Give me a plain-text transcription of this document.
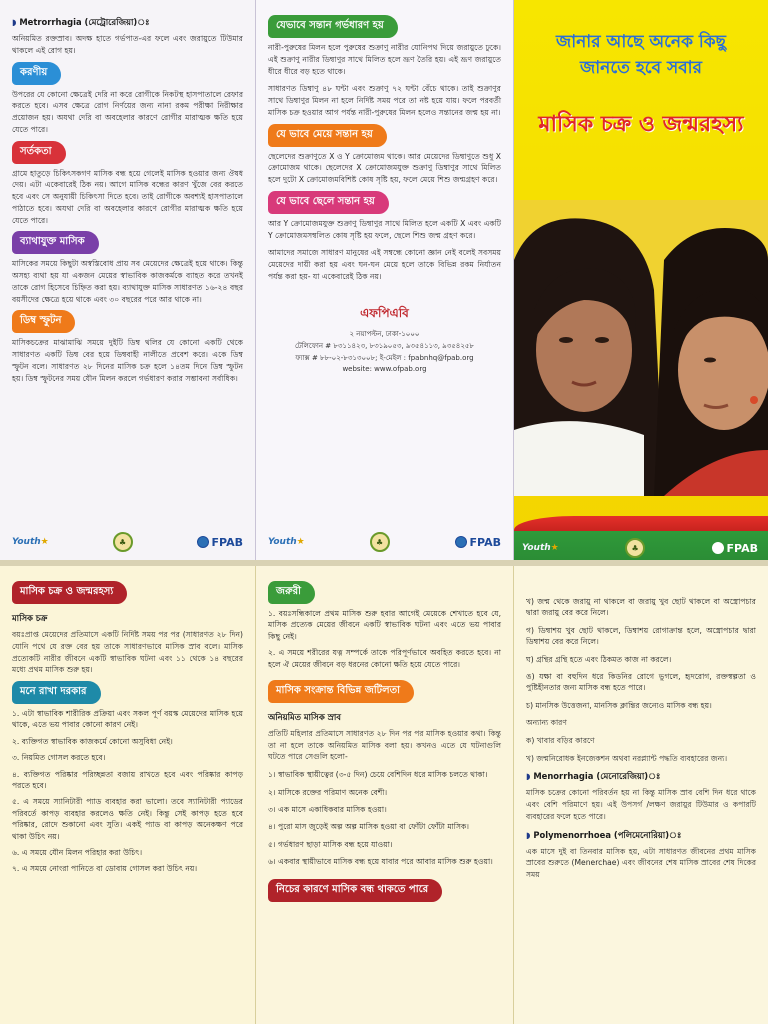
◗ Metrorrhagia (মেট্রোরেজিয়া)ঃ

অনিয়মিত রক্তস্রাব। অদক্ষ হাতে গর্ভপাত-এর ফলে এবং জরায়ুতে টিউমার থাকলে এই রোগ হয়।

করণীয়

উপরের যে কোনো ক্ষেত্রেই দেরি না করে রোগীকে নিকটস্থ হাসপাতালে রেফার করতে হবে। এসব ক্ষেত্রে রোগ নির্ণয়ের জন্য নানা রকম পরীক্ষা নিরীক্ষার প্রয়োজন হয়। অযথা দেরি বা অবহেলার কারণে রোগীর মারাত্মক ক্ষতি হয়ে যেতে পারে।

সর্তকতা

গ্রামে হাতুড়ে চিকিৎসকগণ মাসিক বন্ধ হয়ে গেলেই মাসিক হওয়ার জন্য ঔষধ দেয়। এটা একেবারেই ঠিক নয়। আগে মাসিক বন্ধের কারণ খুঁজে বের করতে হবে এবং সে অনুযায়ী চিকিৎসা দিতে হবে। তাই রোগীকে অবশ্যই হাসপাতালে পাঠাতে হবে। অযথা দেরি বা অবহেলার কারণে রোগীর মারাত্মক ক্ষতি হয়ে যেতে পারে।

ব্যাথাযুক্ত মাসিক

মাসিকের সময়ে কিছুটা অস্বস্তিবোধ প্রায় সব মেয়েদের ক্ষেত্রেই হয়ে থাকে। কিন্তু অসহ্য ব্যথা হয় যা একজন মেয়ের স্বাভাবিক কাজকর্মকে ব্যাহত করে তখনই তাকে রোগ হিসেবে চিহ্নিত করা হয়। ব্যাথাযুক্ত মাসিক সাধারণত ১৬-২৪ বছর বয়সীদের ক্ষেত্রে হয়ে থাকে এবং ৩০ বছরের পরে আর থাকে না।

ডিম্ব স্ফুটন

মাসিকচক্রের মাঝামাঝি সময়ে দুইটি ডিম্ব থলির যে কোনো একটি থেকে সাধারণত একটি ডিম্ব বের হয়ে ডিম্ববাহী নালীতে প্রবেশ করে। একে ডিম্ব স্ফুটন বলে। সাধারণত ২৮ দিনের মাসিক চক্র হলে ১৪তম দিনে ডিম্ব স্ফুটন হয়। ডিম্ব স্ফুটনের সময় যৌন মিলন করলে গর্ভধারণ করার সম্ভাবনা সর্বাধিক।

Youth★	♣	FPAB
যেভাবে সন্তান গর্ভধারণ হয়

নারী-পুরুষের মিলন হলে পুরুষের শুক্রাণু নারীর যোনিপথ দিয়ে জরায়ুতে ঢুকে। এই শুক্রাণু নারীর ডিম্বাণুর সাথে মিলিত হলে ভ্রূণ তৈরি হয়। এই ভ্রূণ জরায়ুতে ধীরে ধীরে বড় হতে থাকে।

সাধারণত ডিম্বাণু ৪৮ ঘন্টা এবং শুক্রাণু ৭২ ঘন্টা বেঁচে থাকে। তাই শুক্রাণুর সাথে ডিম্বাণুর মিলন না হলে নির্দিষ্ট সময় পরে তা নষ্ট হয়ে যায়। ফলে পরবর্তী মাসিক চক্র হওয়ার আগ পর্যন্ত নারী-পুরুষের মিলন হলেও সন্তানের জন্ম হয় না।

যে ভাবে মেয়ে সন্তান হয়

ছেলেদের শুক্রাণুতে X ও Y ক্রোমোজম থাকে। আর মেয়েদের ডিম্বাণুতে শুধু X ক্রোমোজম থাকে। ছেলেদের X ক্রোমোজমযুক্ত শুক্রাণু ডিম্বাণুর সাথে মিলিত হলে দুটো X ক্রোমোজমবিশিষ্ট কোষ সৃষ্টি হয়, ফলে মেয়ে শিশু জন্মগ্রহণ করে।

যে ভাবে ছেলে সন্তান হয়

আর Y ক্রোমোজমযুক্ত শুক্রাণু ডিম্বাণুর সাথে মিলিত হলে একটি X এবং একটি Y ক্রোমোজমসম্বলিত কোষ সৃষ্টি হয় ফলে, ছেলে শিশু জন্ম গ্রহণ করে।

আমাদের সমাজে সাধারণ মানুষের এই সম্বন্ধে কোনো জ্ঞান নেই বলেই সবসময় মেয়েদের দায়ী করা হয় এবং ঘন-ঘন মেয়ে হলে তাকে বিভিন্ন রকম নির্যাতন পর্যন্ত করা হয়- যা একেবারেই ঠিক নয়।

এফপিএবি
২ নয়াপল্টন, ঢাকা-১০০০
টেলিফোন # ৮৩১১৪২৩, ৮৩১৯০৫৩, ৯৩৫৪১১৩, ৯৩৫৪২৫৮
ফ্যাক্স # ৮৮-০২-৮৩১৩০০৮; ই-মেইল : fpabnhq@fpab.org
website: www.ofpab.org
Youth★	♣	FPAB
জানার আছে অনেক কিছু
জানতে হবে সবার
মাসিক চক্র ও জন্মরহস্য
Youth★	♣	FPAB
মাসিক চক্র ও জন্মরহস্য
মাসিক চক্র

বয়ঃপ্রাপ্ত মেয়েদের প্রতিমাসে একটি নির্দিষ্ট সময় পর পর (সাধারণত ২৮ দিন) যোনি পথে যে রক্ত বের হয় তাকে সাধারণভাবে মাসিক স্রাব বলে। মাসিক প্রত্যেকটি নারীর জীবনে একটি স্বাভাবিক ঘটনা এবং ১১ থেকে ১৪ বছরের মধ্যে প্রথম মাসিক শুরু হয়।

মনে রাখা দরকার
১. এটা স্বাভাবিক শারীরিক প্রক্রিয়া এবং সকল পূর্ণ বয়স্ক মেয়েদের মাসিক হয়ে থাকে, এতে ভয় পাবার কোনো কারণ নেই।
২. ব্যক্তিগত স্বাভাবিক কাজকর্মে কোনো অসুবিধা নেই।
৩. নিয়মিত গোসল করতে হবে।
৪. ব্যক্তিগত পরিষ্কার পরিচ্ছন্নতা বজায় রাখতে হবে এবং পরিষ্কার কাপড় পরতে হবে।
৫. এ সময়ে স্যানিটারী প্যাড ব্যবহার করা ভালো। তবে স্যানিটারী প্যাডের পরিবর্তে কাপড় ব্যবহার করলেও ক্ষতি নেই। কিন্তু সেই কাপড় হতে হবে পরিষ্কার, রোদে শুকানো এবং সুতি। একই প্যাড বা কাপড় অনেকক্ষণ পরে থাকা উচিৎ নয়।
৬. এ সময়ে যৌন মিলন পরিহার করা উচিৎ।
৭. এ সময়ে নোংরা পানিতে বা ডোবায় গোসল করা উচিৎ নয়।
জরুরী
১. বয়ঃসন্ধিকালে প্রথম মাসিক শুরু হবার আগেই মেয়েকে শেখাতে হবে যে, মাসিক প্রত্যেক মেয়ের জীবনে একটি স্বাভাবিক ঘটনা এবং এতে ভয় পাবার কিছু নেই।
২. এ সময়ে শরীরের যত্ন সম্পর্কে তাকে পরিপূর্ণভাবে অবহিত করতে হবে। না হলে ঐ মেয়ের জীবনে বড় ধরনের কোনো ক্ষতি হয়ে যেতে পারে।
মাসিক সংক্রান্ত বিভিন্ন জটিলতা
অনিয়মিত মাসিক স্রাব

প্রতিটি মহিলার প্রতিমাসে সাধারণত ২৮ দিন পর পর মাসিক হওয়ার কথা। কিন্তু তা না হলে তাকে অনিয়মিত মাসিক বলা হয়। কখনও এতে যে ঘটনাগুলি ঘটতে পারে সেগুলি হলো-

১। স্বাভাবিক স্থায়ীত্বের (৩-৫ দিন) চেয়ে বেশিদিন ধরে মাসিক চলতে থাকা।
২। মাসিকে রক্তের পরিমাণ অনেক বেশী।
৩। এক মাসে একাধিকবার মাসিক হওয়া।
৪। পুরো মাস জুড়েই অল্প অল্প মাসিক হওয়া বা ফোঁটা ফোঁটা মাসিক।
৫। গর্ভধারণ ছাড়া মাসিক বন্ধ হয়ে যাওয়া।
৬। একবার স্থায়ীভাবে মাসিক বন্ধ হয়ে যাবার পরে আবার মাসিক শুরু হওয়া।
নিচের কারণে মাসিক বন্ধ থাকতে পারে
খ) জন্ম থেকে জরায়ু না থাকলে বা জরায়ু খুব ছোট থাকলে বা অস্ত্রোপচার দ্বারা জরায়ু বের করে নিলে।
গ) ডিম্বাশয় খুব ছোট থাকলে, ডিম্বাশয় রোগাক্রান্ত হলে, অস্ত্রোপচার দ্বারা ডিম্বাশয় বের করে নিলে।
ঘ) গ্রন্থির গ্রন্থি হতে এবং ঠিকমত কাজ না করলে।
ঙ) যক্ষা বা বহুদিন ধরে কিডনির রোগে ভুগলে, হৃদরোগ, রক্তস্বল্পতা ও পুষ্টিহীনতার জন্য মাসিক বন্ধ হতে পারে।
চ) মানসিক উত্তেজনা, মানসিক ক্লান্তির জন্যেও মাসিক বন্ধ হয়।

অন্যান্য কারণ

ক) খাবার বড়ির কারণে

খ) জন্মনিরোধক ইনজেকশন অথবা নরপ্ল্যান্ট পদ্ধতি ব্যবহারের জন্য।

◗ Menorrhagia (মেনোরেজিয়া)ঃ

মাসিক চক্রের কোনো পরিবর্তন হয় না কিন্তু মাসিক স্রাব বেশি দিন ধরে থাকে এবং বেশি পরিমাণে হয়। এই উপসর্গ /লক্ষণ জরায়ুর টিউমার ও কপারটি ব্যবহারের ফলে হতে পারে।

◗ Polymenorrhoea (পলিমেনোরিয়া)ঃ

এক মাসে দুই বা তিনবার মাসিক হয়, এটা সাধারণত জীবনের প্রথম মাসিক স্রাবের শুরুতে (Menerchae) এবং জীবনের শেষ মাসিক স্রাবের শেষ দিকের সময়
